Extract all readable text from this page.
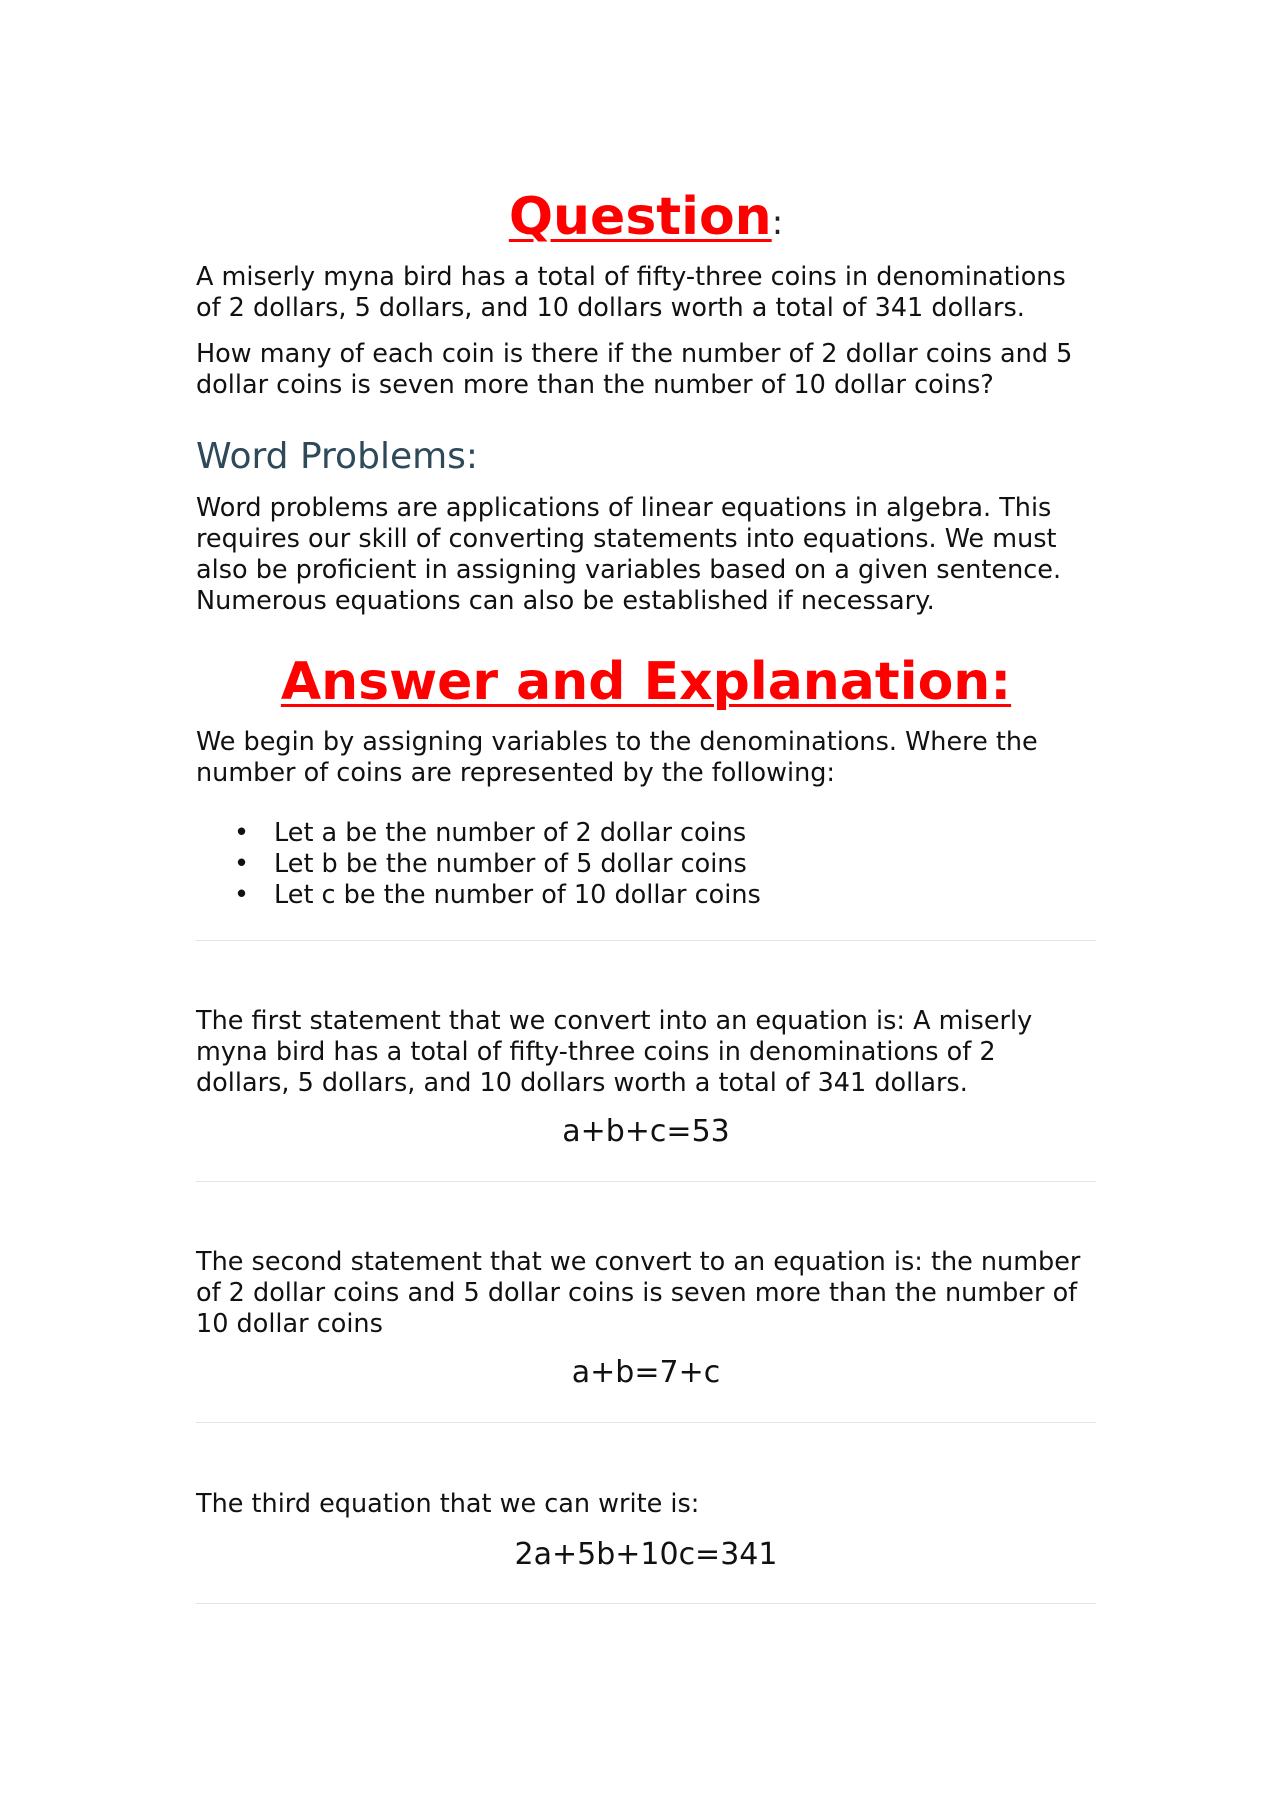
Question:

A miserly myna bird has a total of fifty-three coins in denominations of 2 dollars, 5 dollars, and 10 dollars worth a total of 341 dollars.

How many of each coin is there if the number of 2 dollar coins and 5 dollar coins is seven more than the number of 10 dollar coins?

Word Problems:

Word problems are applications of linear equations in algebra. This requires our skill of converting statements into equations. We must also be proficient in assigning variables based on a given sentence. Numerous equations can also be established if necessary.

Answer and Explanation:

We begin by assigning variables to the denominations. Where the number of coins are represented by the following:

• Let a be the number of 2 dollar coins
• Let b be the number of 5 dollar coins
• Let c be the number of 10 dollar coins

The first statement that we convert into an equation is: A miserly myna bird has a total of fifty-three coins in denominations of 2 dollars, 5 dollars, and 10 dollars worth a total of 341 dollars.

a+b+c=53

The second statement that we convert to an equation is: the number of 2 dollar coins and 5 dollar coins is seven more than the number of 10 dollar coins

a+b=7+c

The third equation that we can write is:

2a+5b+10c=341
